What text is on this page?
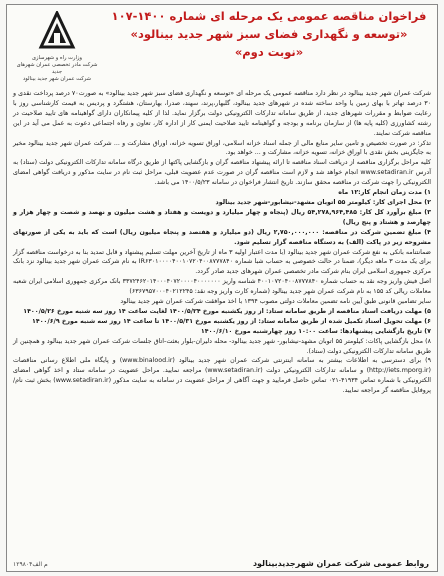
وزارت راه و شهرسازی
شرکت مادر تخصصی عمران شهرهای جدید
شرکت عمران شهر جدید بینالود
فراخوان مناقصه عمومی یک مرحله ای شماره ۱۴۰۰-۱۰۷
«توسعه و نگهداری فضای سبز شهر جدید بینالود»
«نوبت دوم»

شرکت عمران شهر جدید بینالود در نظر دارد مناقصه عمومی یک مرحله ای «توسعه و نگهداری فضای سبز شهر جدید بینالود» به صورت۷۰ درصد پرداخت نقدی و ۳۰ درصد تهاتر با بهای زمین یا واحد ساخته شده در شهرهای جدید بینالود، گلبهار،پرند، سهند، صدرا، بهارستان، هشتگرد و پردیس به قیمت کارشناسی روز با رعایت ضوابط و مقررات شهرهای جدید، از طریق سامانه تدارکات الکترونیکی دولت برگزار نماید. لذا از کلیه پیمانکاران دارای گواهینامه های تایید صلاحیت در رشته کشاورزی (کلیه پایه ها) از سازمان برنامه و بودجه و گواهینامه تایید صلاحیت ایمنی کار از اداره کار، تعاون و رفاه اجتماعی دعوت به عمل می آید در این مناقصه شرکت نمایند.

تذکر: در صورت تخصیص و تامین سایر منابع مالی از جمله اسناد خزانه اسلامی، اوراق تسویه خزانه، اوراق مشارکت و ... شرکت عمران شهر جدید بینالود مخیر به جایگزینی بخش نقدی با اوراق خزانه، تسویه خزانه، مشارکت و ... خواهد بود.

کلیه مراحل برگزاری مناقصه از دریافت اسناد مناقصه تا ارائه پیشنهاد مناقصه گران و بازگشایی پاکتها از طریق درگاه سامانه تدارکات الکترونیکی دولت (ستاد) به آدرس www.setadiran.ir انجام خواهد شد و لازم است مناقصه گران در صورت عدم عضویت قبلی، مراحل ثبت نام در سایت مذکور و دریافت گواهی امضای الکترونیکی را جهت شرکت در مناقصه محقق سازند. تاریخ انتشار فراخوان در سامانه ۱۴۰۰/۵/۲۳ می باشد.

۱) مدت زمان انجام کار:۱۲ ماه

۲) محل اجرای کار: کیلومتر ۵۵ اتوبان مشهد-نیشابور-شهر جدید بینالود

۳) مبلغ برآورد کل کار: ۵۴,۲۷۸,۹۶۴,۴۸۵ ریال (پنجاه و چهار میلیارد و دویست و هفتاد و هشت میلیون و نهصد و شصت و چهار هزار و چهارصد و هشتاد و پنج ریال)

۴) مبلغ تضمین شرکت در مناقصه: ۲,۷۵۰,۰۰۰,۰۰۰ ریال (دو میلیارد و هفتصد و پنجاه میلیون ریال) است که باید به یکی از صورتهای مشروحه زیر در پاکت (الف) به دستگاه مناقصه گزار تسلیم شود.

ضمانتنامه بانکی به نفع شرکت عمران شهر جدید بینالود (با مدت اعتبار اولیه ۳ ماه از تاریخ آخرین مهلت تسلیم پیشنهاد و قابل تمدید بنا به درخواست مناقصه گزار برای یک مدت ۳ ماهه دیگر)، ضمنا در حالت خصوصی به حساب شبا شماره IR۶۳۰۱۰۰۰۰۴۰۰۱۰۷۲۰۴۰۰۸۷۷۷۸۴۰ به نام شرکت عمران شهر جدید بینالود نزد بانک مرکزی جمهوری اسلامی ایران بنام شرکت مادر تخصصی عمران شهرهای جدید صادر گردد.

اصل فیش واریز وجه نقد به حساب شماره ۴۰۰۱۰۷۲۰۴۰۰۸۷۷۷۸۴۰ شناسه واریز ۳۳۷۲۴۶۲۰۱۴۰۰۰۴۰۷۲۰۰۰۰۴۰۰۰۰۰۰۰ بانک مرکزی جمهوری اسلامی ایران شعبه معاملات ریالی کد ۱۵۵ به نام شرکت عمران شهر جدید بینالود (شماره کارت واریز وجه نقد: ۶۳۶۷۹۵۷۰۰۰۴۰۲۱۲۲۴۵)

سایر تضامین قانونی طبق آیین نامه تضمین معاملات دولتی مصوب ۱۳۹۴ با اخذ موافقت شرکت عمران شهر جدید بینالود

۵) مهلت دریافت اسناد مناقصه از طریق سامانه ستاد: از روز یکشنبه مورخ ۱۴۰۰/۵/۲۴ لغایت ساعت ۱۴ روز سه شنبه مورخ ۱۴۰۰/۵/۲۶

۶) مهلت تحویل اسناد تکمیل شده از طریق سامانه ستاد: از روز یکشنبه مورخ ۱۴۰۰/۵/۳۱ تا ساعت ۱۴ روز سه شنبه مورخ ۱۴۰۰/۶/۹

۷) تاریخ بازگشایی پیشنهادها: ساعت ۱۰:۰۰ روز چهارشنبه مورخ ۱۴۰۰/۶/۱۰

۸) محل بازگشایی پاکات: کیلومتر ۵۵ اتوبان مشهد-نیشابور- شهر جدید بینالود- محله دلیران-بلوار بعثت-اتاق جلسات شرکت عمران شهر جدید بینالود و همچنین از طریق سامانه تدارکات الکترونیکی دولت (ستاد).

۹) برای دسترسی به اطلاعات بیشتر به سامانه اینترنتی شرکت عمران شهر جدید بینالود (www.binalood.ir) و پایگاه ملی اطلاع رسانی مناقصات (http://iets.mporg.ir) و سامانه تدارکات الکترونیکی دولت (www.setadiran.ir) مراجعه نمایید. مراحل عضویت در سامانه ستاد و اخذ گواهی امضای الکترونیکی با شماره تماس ۴۱۹۳۴-۰۲۱ تماس حاصل فرمایید و جهت آگاهی از مراحل عضویت در سامانه به سایت مذکور (www.setadiran.ir) بخش ثبت نام/ پروفایل مناقصه گر مراجعه نمایید.

روابط عمومی شرکت عمران شهرجدیدبینالود
م الف۱۲۹۸۰۴
